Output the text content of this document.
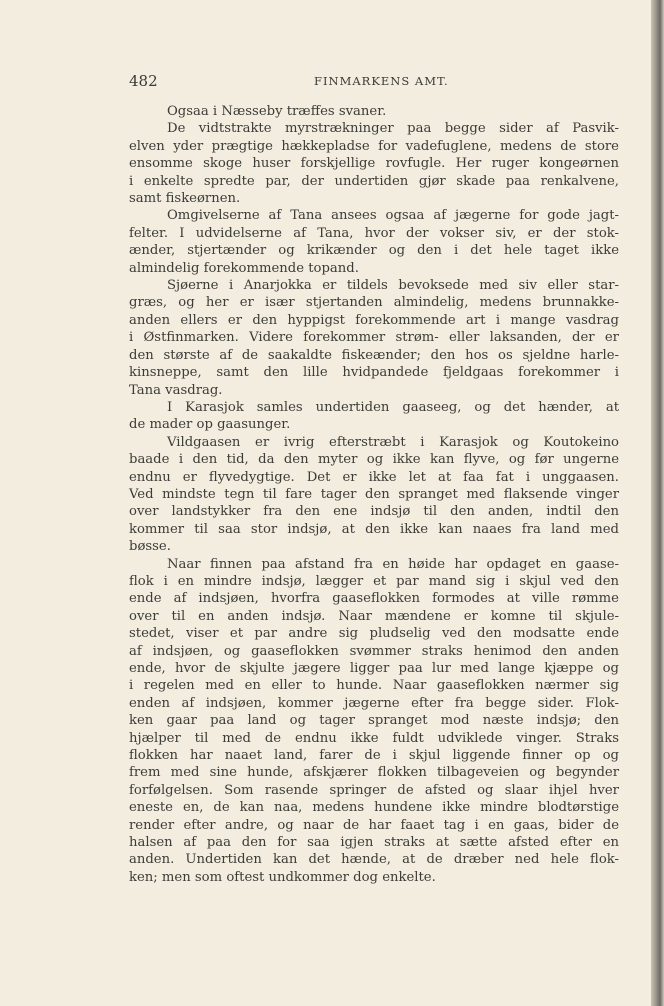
482	FINMARKENS AMT.
Ogsaa i Næsseby træffes svaner.
De vidtstrakte myrstrækninger paa begge sider af Pasvik-
elven yder prægtige hækkepladse for vadefuglene, medens de store
ensomme skoge huser forskjellige rovfugle. Her ruger kongeørnen
i enkelte spredte par, der undertiden gjør skade paa renkalvene,
samt fiskeørnen.
Omgivelserne af Tana ansees ogsaa af jægerne for gode jagt-
felter. I udvidelserne af Tana, hvor der vokser siv, er der stok-
ænder, stjertænder og krikænder og den i det hele taget ikke
almindelig forekommende topand.
Sjøerne i Anarjokka er tildels bevoksede med siv eller star-
græs, og her er især stjertanden almindelig, medens brunnakke-
anden ellers er den hyppigst forekommende art i mange vasdrag
i Østfinmarken. Videre forekommer strøm- eller laksanden, der er
den største af de saakaldte fiskeænder; den hos os sjeldne harle-
kinsneppe, samt den lille hvidpandede fjeldgaas forekommer i
Tana vasdrag.
I Karasjok samles undertiden gaaseeg, og det hænder, at
de mader op gaasunger.
Vildgaasen er ivrig efterstræbt i Karasjok og Koutokeino
baade i den tid, da den myter og ikke kan flyve, og før ungerne
endnu er flyvedygtige. Det er ikke let at faa fat i unggaasen.
Ved mindste tegn til fare tager den spranget med flaksende vinger
over landstykker fra den ene indsjø til den anden, indtil den
kommer til saa stor indsjø, at den ikke kan naaes fra land med
bøsse.
Naar finnen paa afstand fra en høide har opdaget en gaase-
flok i en mindre indsjø, lægger et par mand sig i skjul ved den
ende af indsjøen, hvorfra gaaseflokken formodes at ville rømme
over til en anden indsjø. Naar mændene er komne til skjule-
stedet, viser et par andre sig pludselig ved den modsatte ende
af indsjøen, og gaaseflokken svømmer straks henimod den anden
ende, hvor de skjulte jægere ligger paa lur med lange kjæppe og
i regelen med en eller to hunde. Naar gaaseflokken nærmer sig
enden af indsjøen, kommer jægerne efter fra begge sider. Flok-
ken gaar paa land og tager spranget mod næste indsjø; den
hjælper til med de endnu ikke fuldt udviklede vinger. Straks
flokken har naaet land, farer de i skjul liggende finner op og
frem med sine hunde, afskjærer flokken tilbageveien og begynder
forfølgelsen. Som rasende springer de afsted og slaar ihjel hver
eneste en, de kan naa, medens hundene ikke mindre blodtørstige
render efter andre, og naar de har faaet tag i en gaas, bider de
halsen af paa den for saa igjen straks at sætte afsted efter en
anden. Undertiden kan det hænde, at de dræber ned hele flok-
ken; men som oftest undkommer dog enkelte.
